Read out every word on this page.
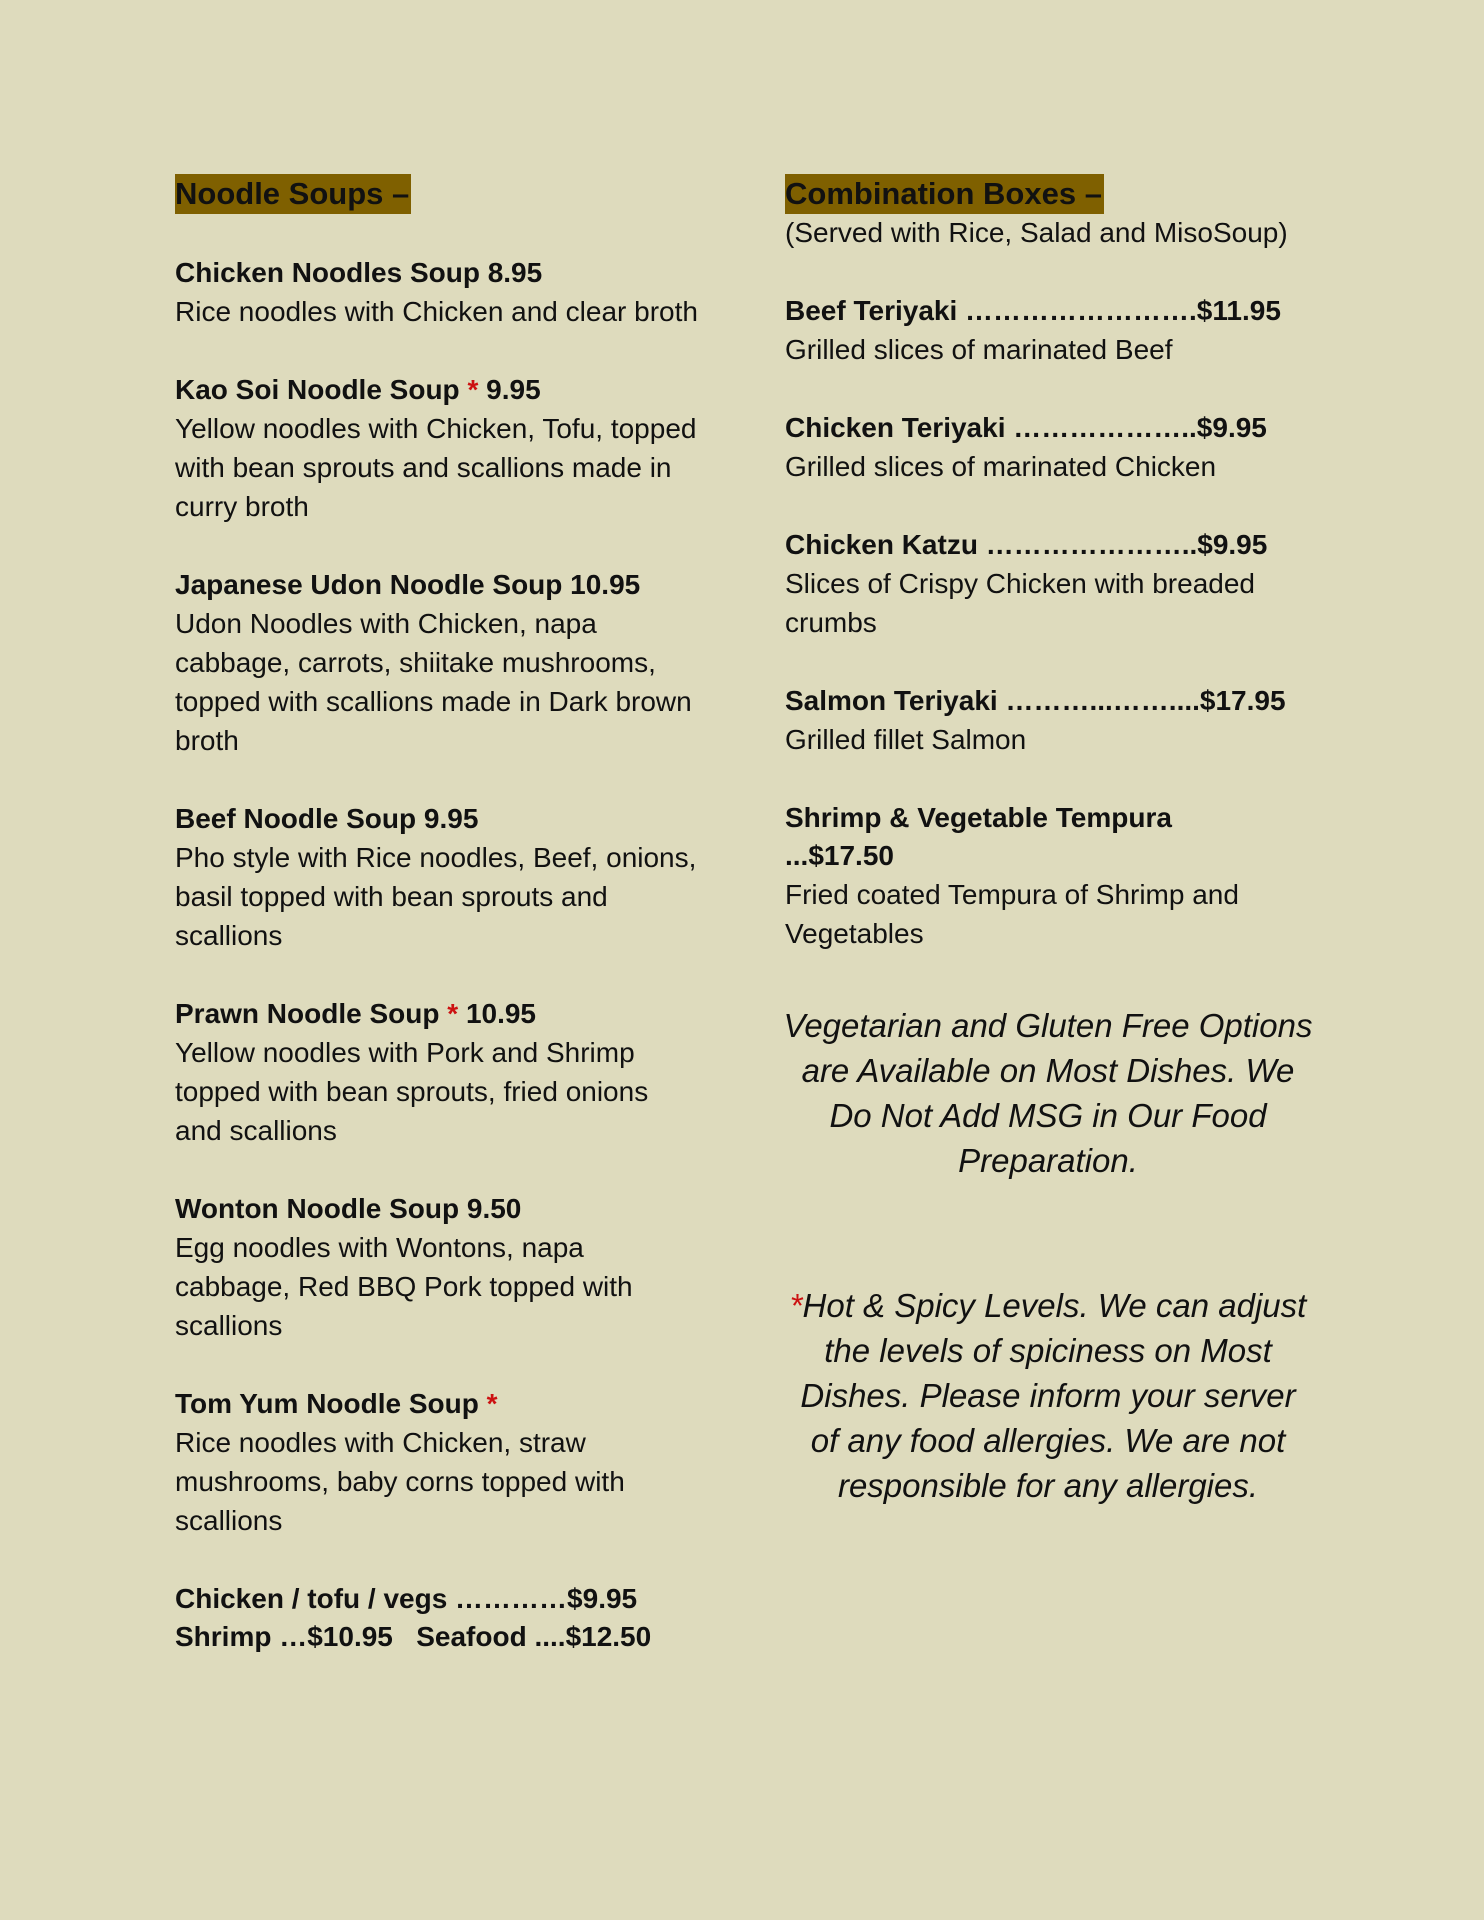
Noodle Soups –
Chicken Noodles Soup 8.95
Rice noodles with Chicken and clear broth
Kao Soi Noodle Soup * 9.95
Yellow noodles with Chicken, Tofu, topped with bean sprouts and scallions made in curry broth
Japanese Udon Noodle Soup 10.95
Udon Noodles with Chicken, napa cabbage, carrots, shiitake mushrooms, topped with scallions made in Dark brown broth
Beef Noodle Soup 9.95
Pho style with Rice noodles, Beef, onions, basil topped with bean sprouts and scallions
Prawn Noodle Soup * 10.95
Yellow noodles with Pork and Shrimp topped with bean sprouts, fried onions and scallions
Wonton Noodle Soup 9.50
Egg noodles with Wontons, napa cabbage, Red BBQ Pork topped with scallions
Tom Yum Noodle Soup *
Rice noodles with Chicken, straw mushrooms, baby corns topped with scallions
Chicken / tofu / vegs …………$9.95
Shrimp …$10.95   Seafood ....$12.50
Combination Boxes –
(Served with Rice, Salad and MisoSoup)
Beef Teriyaki …………………….$11.95
Grilled slices of marinated Beef
Chicken Teriyaki ………………..$9.95
Grilled slices of marinated Chicken
Chicken Katzu …………………..$9.95
Slices of Crispy Chicken with breaded crumbs
Salmon Teriyaki ………...……....$17.95
Grilled fillet Salmon
Shrimp & Vegetable Tempura ...$17.50
Fried coated Tempura of Shrimp and Vegetables
Vegetarian and Gluten Free Options are Available on Most Dishes. We Do Not Add MSG in Our Food Preparation.
*Hot & Spicy Levels. We can adjust the levels of spiciness on Most Dishes. Please inform your server of any food allergies. We are not responsible for any allergies.
